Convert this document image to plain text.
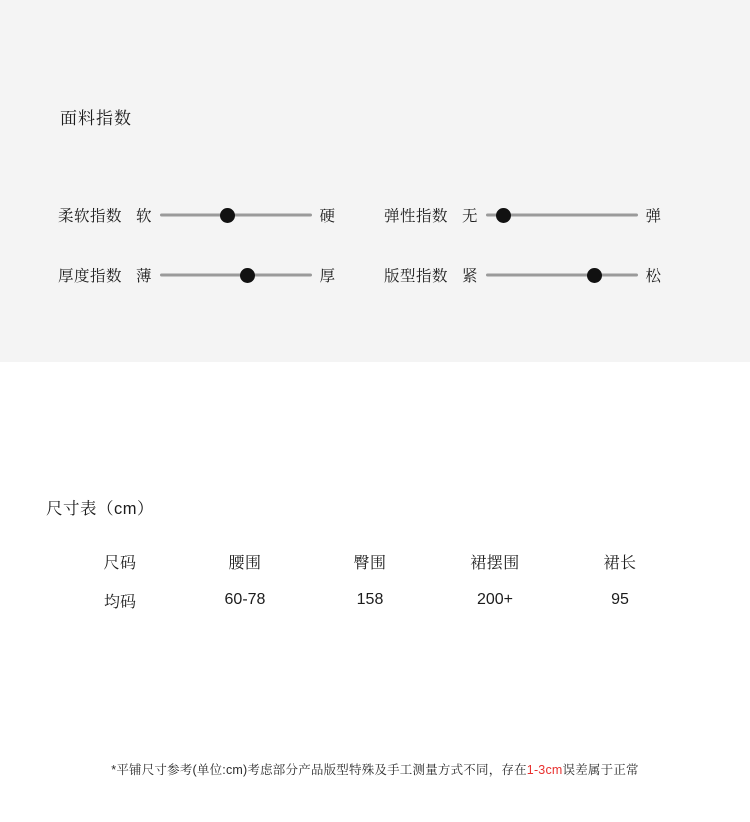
面料指数
柔软指数 软	硬	弹性指数 无	弹
厚度指数 薄	厚	版型指数 紧	松
尺寸表（cm）
尺码	腰围	臀围	裙摆围	裙长
均码	60-78	158	200+	95
*平铺尺寸参考(单位:cm)考虑部分产品版型特殊及手工测量方式不同，存在1-3cm误差属于正常
